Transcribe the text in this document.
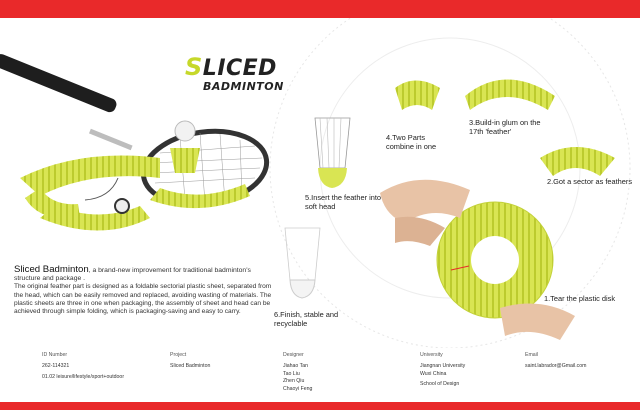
SLICED
BADMINTON
1.Tear the plastic disk
2.Got a sector as feathers
3.Build-in glum on the 17th 'feather'
4.Two Parts combine in one
5.Insert the feather into soft head
6.Finish, stable and recyclable
Sliced Badminton, a brand-new improvement for traditional badminton's structure and package .
The original feather part is designed as a foldable sectorial plastic sheet, separated from the head, which can be easily removed and replaced, avoiding wasting of materials. The plastic sheets are three in one when packaging, the assembly of sheet and head can be achieved through simple folding, which is packaging-saving and easy to carry.
ID Number
262-114321
01.02 leisure/lifestyle/sport+outdoor
Project
Sliced Badminton
Designer
Jiahao Tan
Tao Liu
Zhen Qiu
Chaoyi Feng
University
Jiangnan University
Wuxi China
School of Design
Email
saint.labrador@Gmail.com
